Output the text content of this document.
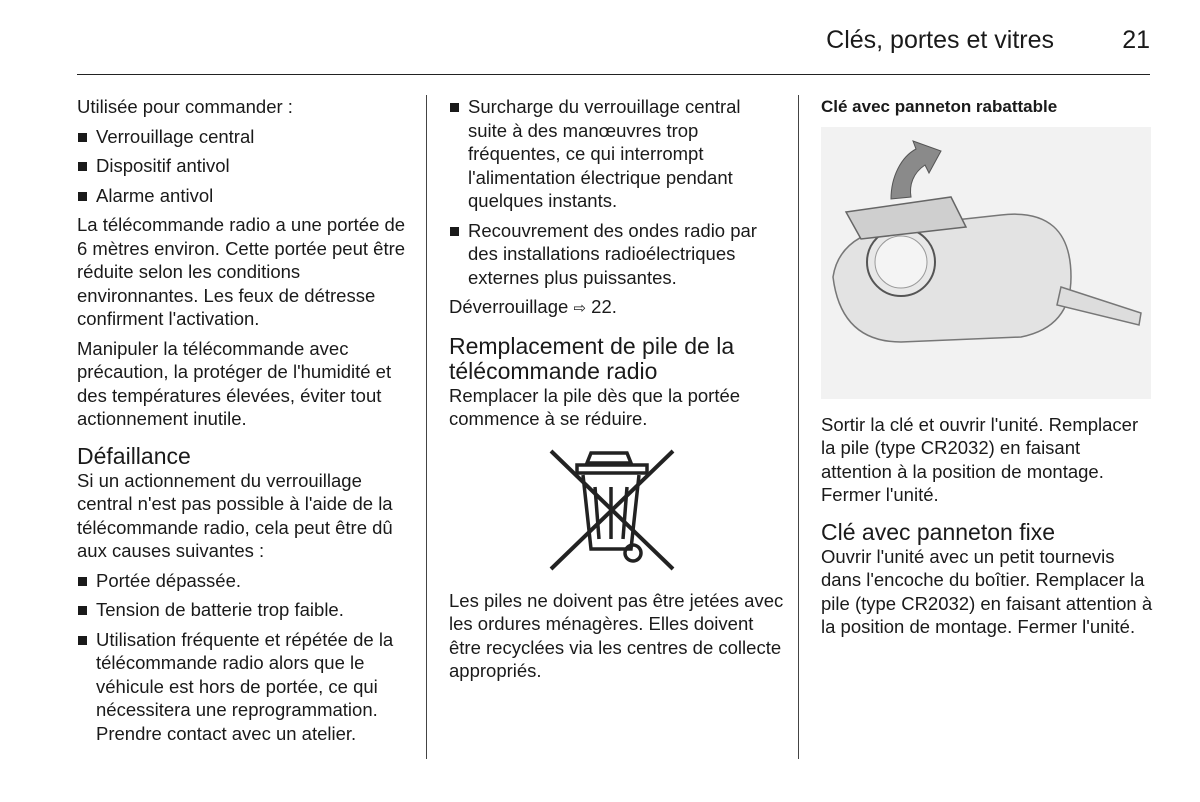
Clés, portes et vitres	21

Utilisée pour commander :

Verrouillage central
Dispositif antivol
Alarme antivol

La télécommande radio a une portée de 6 mètres environ. Cette portée peut être réduite selon les conditions environnantes. Les feux de détresse confirment l'activation.

Manipuler la télécommande avec précaution, la protéger de l'humidité et des températures élevées, éviter tout actionnement inutile.

Défaillance

Si un actionnement du verrouillage central n'est pas possible à l'aide de la télécommande radio, cela peut être dû aux causes suivantes :

Portée dépassée.
Tension de batterie trop faible.
Utilisation fréquente et répétée de la télécommande radio alors que le véhicule est hors de portée, ce qui nécessitera une reprogrammation. Prendre contact avec un atelier.
Surcharge du verrouillage central suite à des manœuvres trop fréquentes, ce qui interrompt l'alimentation électrique pendant quelques instants.
Recouvrement des ondes radio par des installations radioélectriques externes plus puissantes.

Déverrouillage ⇨ 22.

Remplacement de pile de la télécommande radio

Remplacer la pile dès que la portée commence à se réduire.

Les piles ne doivent pas être jetées avec les ordures ménagères. Elles doivent être recyclées via les centres de collecte appropriés.

Clé avec panneton rabattable

Sortir la clé et ouvrir l'unité. Remplacer la pile (type CR2032) en faisant attention à la position de montage. Fermer l'unité.

Clé avec panneton fixe

Ouvrir l'unité avec un petit tournevis dans l'encoche du boîtier. Remplacer la pile (type CR2032) en faisant attention à la position de montage. Fermer l'unité.
